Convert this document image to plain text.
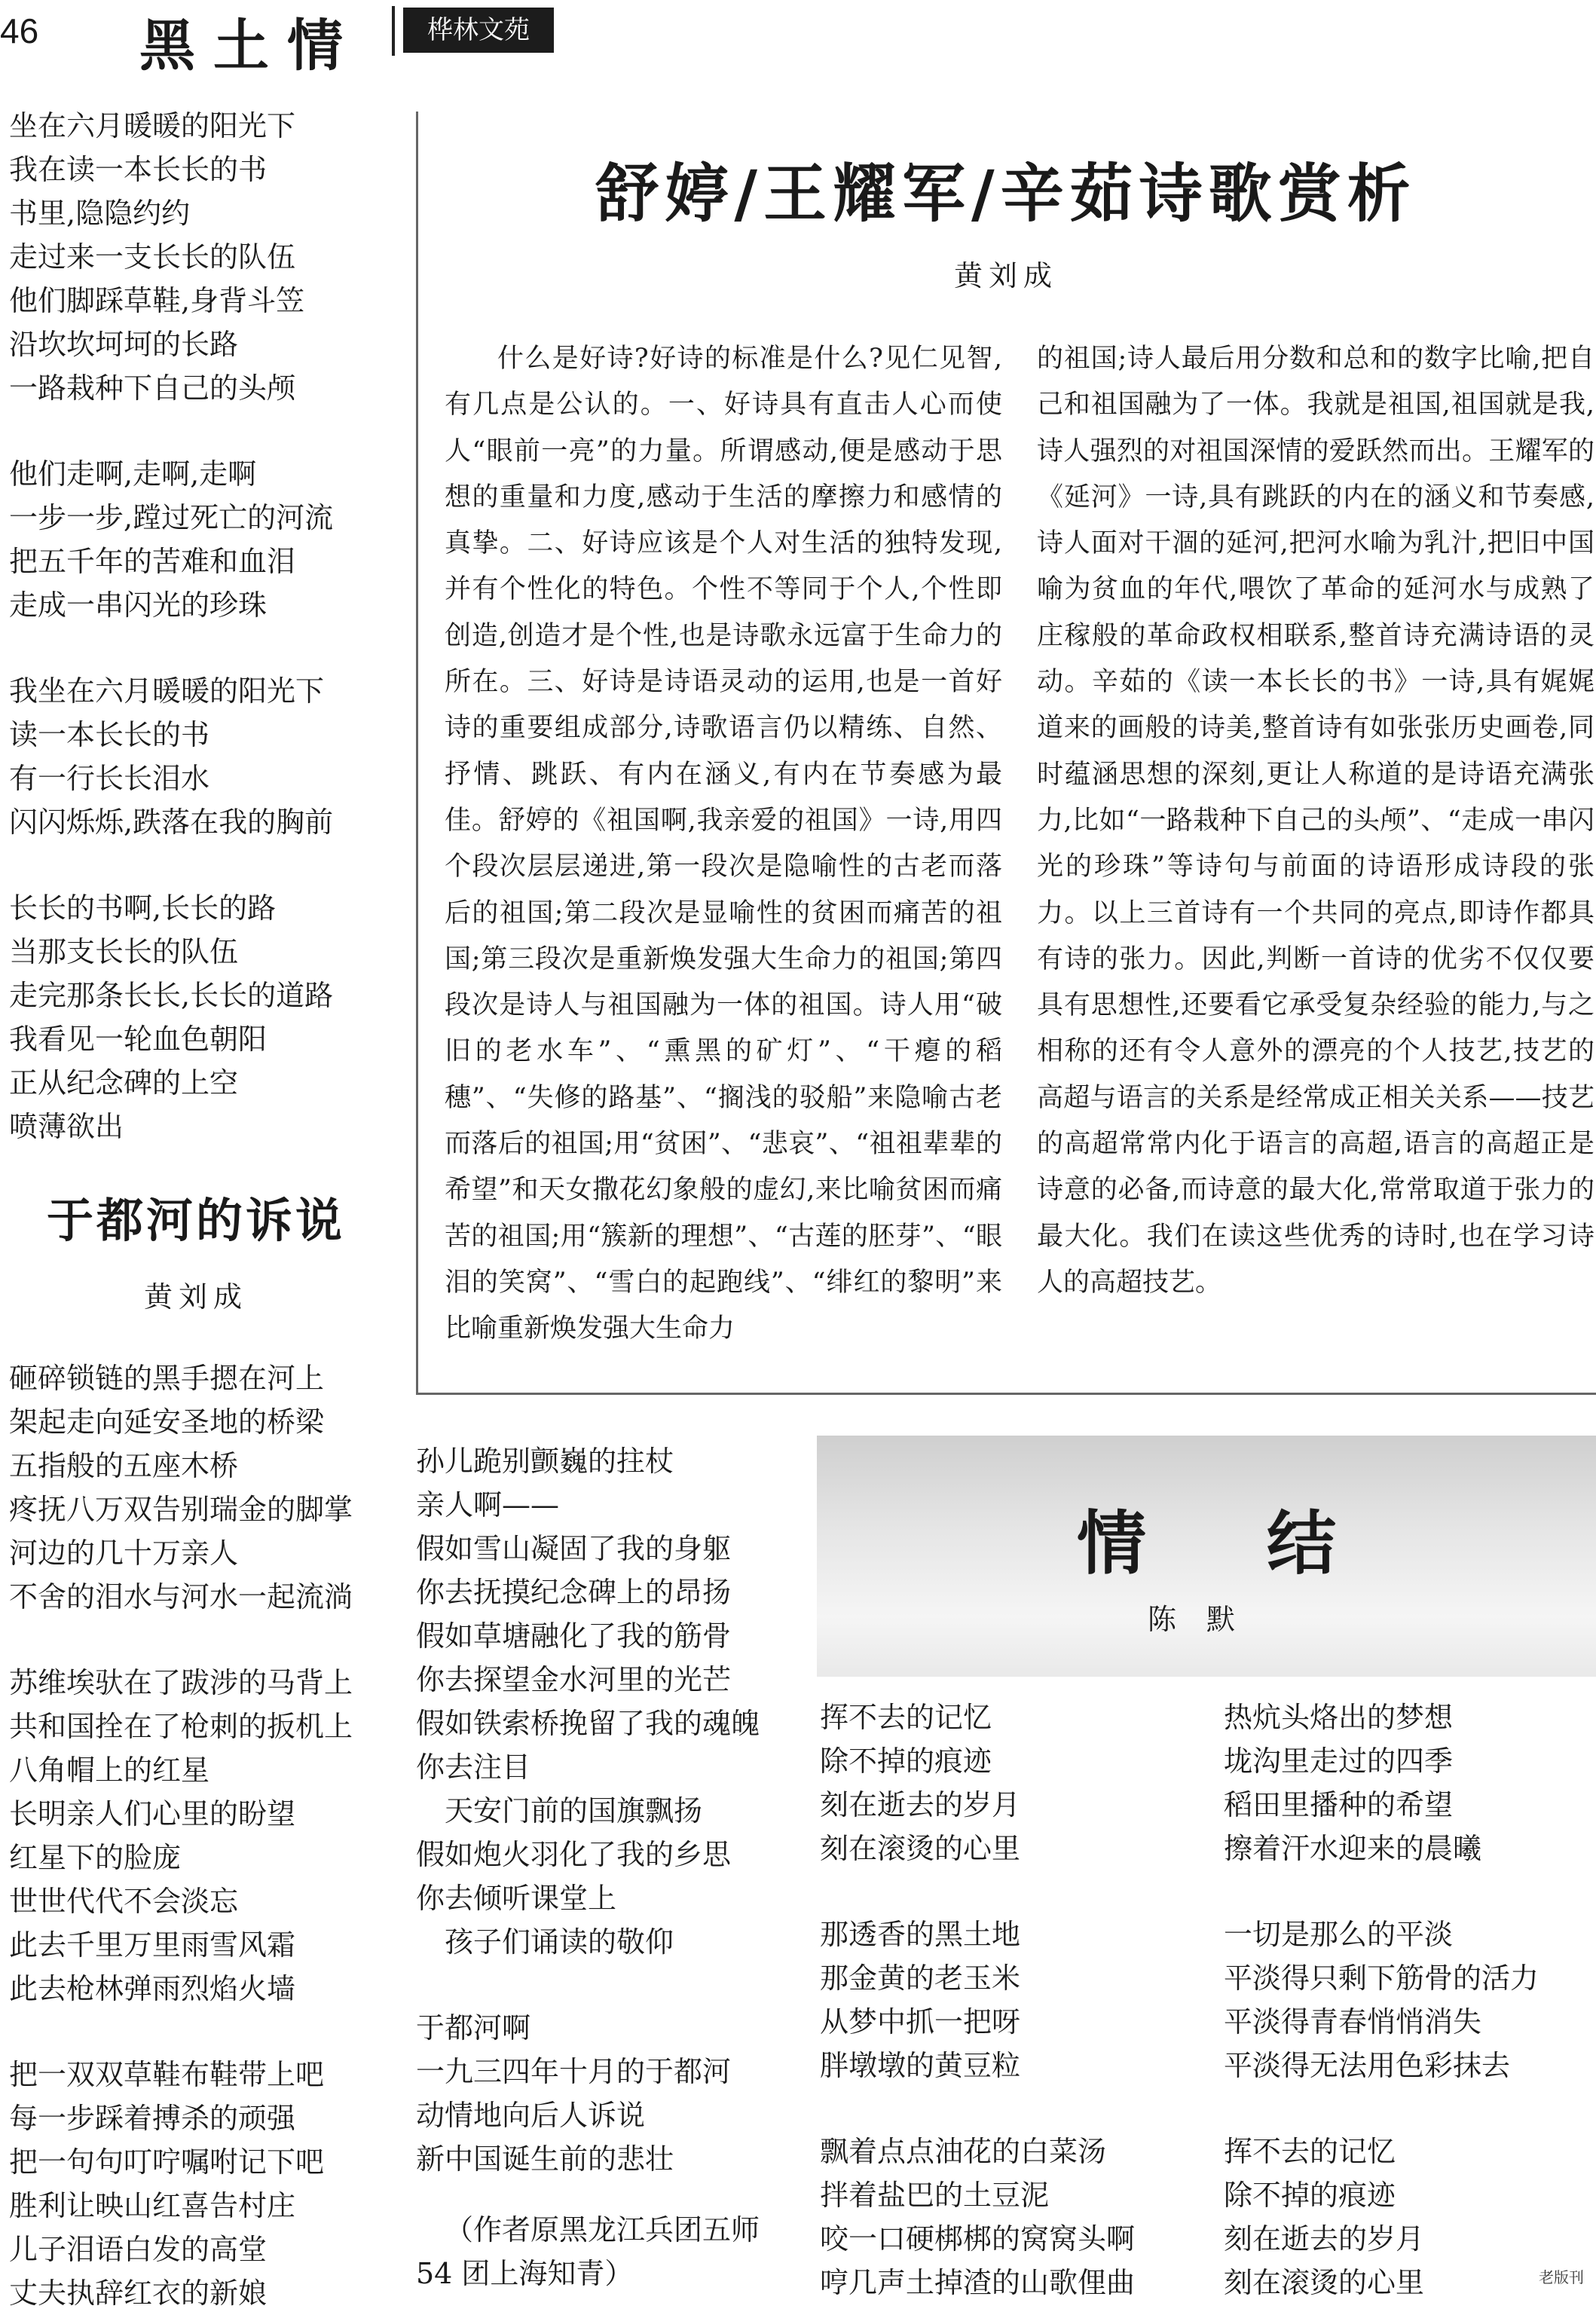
46 黑土情	桦林文苑
坐在六月暖暖的阳光下
我在读一本长长的书
书里,隐隐约约
走过来一支长长的队伍
他们脚踩草鞋,身背斗笠
沿坎坎坷坷的长路
一路栽种下自己的头颅
他们走啊,走啊,走啊
一步一步,蹚过死亡的河流
把五千年的苦难和血泪
走成一串闪光的珍珠
我坐在六月暖暖的阳光下
读一本长长的书
有一行长长泪水
闪闪烁烁,跌落在我的胸前
长长的书啊,长长的路
当那支长长的队伍
走完那条长长,长长的道路
我看见一轮血色朝阳
正从纪念碑的上空
喷薄欲出
舒婷/王耀军/辛茹诗歌赏析
黄刘成

什么是好诗?好诗的标准是什么?见仁见智,有几点是公认的。一、好诗具有直击人心而使人“眼前一亮”的力量。所谓感动,便是感动于思想的重量和力度,感动于生活的摩擦力和感情的真挚。二、好诗应该是个人对生活的独特发现,并有个性化的特色。个性不等同于个人,个性即创造,创造才是个性,也是诗歌永远富于生命力的所在。三、好诗是诗语灵动的运用,也是一首好诗的重要组成部分,诗歌语言仍以精练、自然、抒情、跳跃、有内在涵义,有内在节奏感为最佳。舒婷的《祖国啊,我亲爱的祖国》一诗,用四个段次层层递进,第一段次是隐喻性的古老而落后的祖国;第二段次是显喻性的贫困而痛苦的祖国;第三段次是重新焕发强大生命力的祖国;第四段次是诗人与祖国融为一体的祖国。诗人用“破旧的老水车”、“熏黑的矿灯”、“干瘪的稻穗”、“失修的路基”、“搁浅的驳船”来隐喻古老而落后的祖国;用“贫困”、“悲哀”、“祖祖辈辈的希望”和天女撒花幻象般的虚幻,来比喻贫困而痛苦的祖国;用“簇新的理想”、“古莲的胚芽”、“眼泪的笑窝”、“雪白的起跑线”、“绯红的黎明”来比喻重新焕发强大生命力

的祖国;诗人最后用分数和总和的数字比喻,把自己和祖国融为了一体。我就是祖国,祖国就是我,诗人强烈的对祖国深情的爱跃然而出。王耀军的《延河》一诗,具有跳跃的内在的涵义和节奏感,诗人面对干涸的延河,把河水喻为乳汁,把旧中国喻为贫血的年代,喂饮了革命的延河水与成熟了庄稼般的革命政权相联系,整首诗充满诗语的灵动。辛茹的《读一本长长的书》一诗,具有娓娓道来的画般的诗美,整首诗有如张张历史画卷,同时蕴涵思想的深刻,更让人称道的是诗语充满张力,比如“一路栽种下自己的头颅”、“走成一串闪光的珍珠”等诗句与前面的诗语形成诗段的张力。以上三首诗有一个共同的亮点,即诗作都具有诗的张力。因此,判断一首诗的优劣不仅仅要具有思想性,还要看它承受复杂经验的能力,与之相称的还有令人意外的漂亮的个人技艺,技艺的高超与语言的关系是经常成正相关关系——技艺的高超常常内化于语言的高超,语言的高超正是诗意的必备,而诗意的最大化,常常取道于张力的最大化。我们在读这些优秀的诗时,也在学习诗人的高超技艺。

于都河的诉说
黄刘成
砸碎锁链的黑手摁在河上
架起走向延安圣地的桥梁
五指般的五座木桥
疼抚八万双告别瑞金的脚掌
河边的几十万亲人
不舍的泪水与河水一起流淌
苏维埃驮在了跋涉的马背上
共和国拴在了枪刺的扳机上
八角帽上的红星
长明亲人们心里的盼望
红星下的脸庞
世世代代不会淡忘
此去千里万里雨雪风霜
此去枪林弹雨烈焰火墙
把一双双草鞋布鞋带上吧
每一步踩着搏杀的顽强
把一句句叮咛嘱咐记下吧
胜利让映山红喜告村庄
儿子泪语白发的高堂
丈夫执辞红衣的新娘
孙儿跪别颤巍的拄杖
亲人啊——
假如雪山凝固了我的身躯
你去抚摸纪念碑上的昂扬
假如草塘融化了我的筋骨
你去探望金水河里的光芒
假如铁索桥挽留了我的魂魄
你去注目
　天安门前的国旗飘扬
假如炮火羽化了我的乡思
你去倾听课堂上
　孩子们诵读的敬仰
于都河啊
一九三四年十月的于都河
动情地向后人诉说
新中国诞生前的悲壮
（作者原黑龙江兵团五师
54 团上海知青）
情结
陈默
挥不去的记忆
除不掉的痕迹
刻在逝去的岁月
刻在滚烫的心里
那透香的黑土地
那金黄的老玉米
从梦中抓一把呀
胖墩墩的黄豆粒
飘着点点油花的白菜汤
拌着盐巴的土豆泥
咬一口硬梆梆的窝窝头啊
哼几声土掉渣的山歌俚曲
热炕头烙出的梦想
垅沟里走过的四季
稻田里播种的希望
擦着汗水迎来的晨曦
一切是那么的平淡
平淡得只剩下筋骨的活力
平淡得青春悄悄消失
平淡得无法用色彩抹去
挥不去的记忆
除不掉的痕迹
刻在逝去的岁月
刻在滚烫的心里	老版刊
